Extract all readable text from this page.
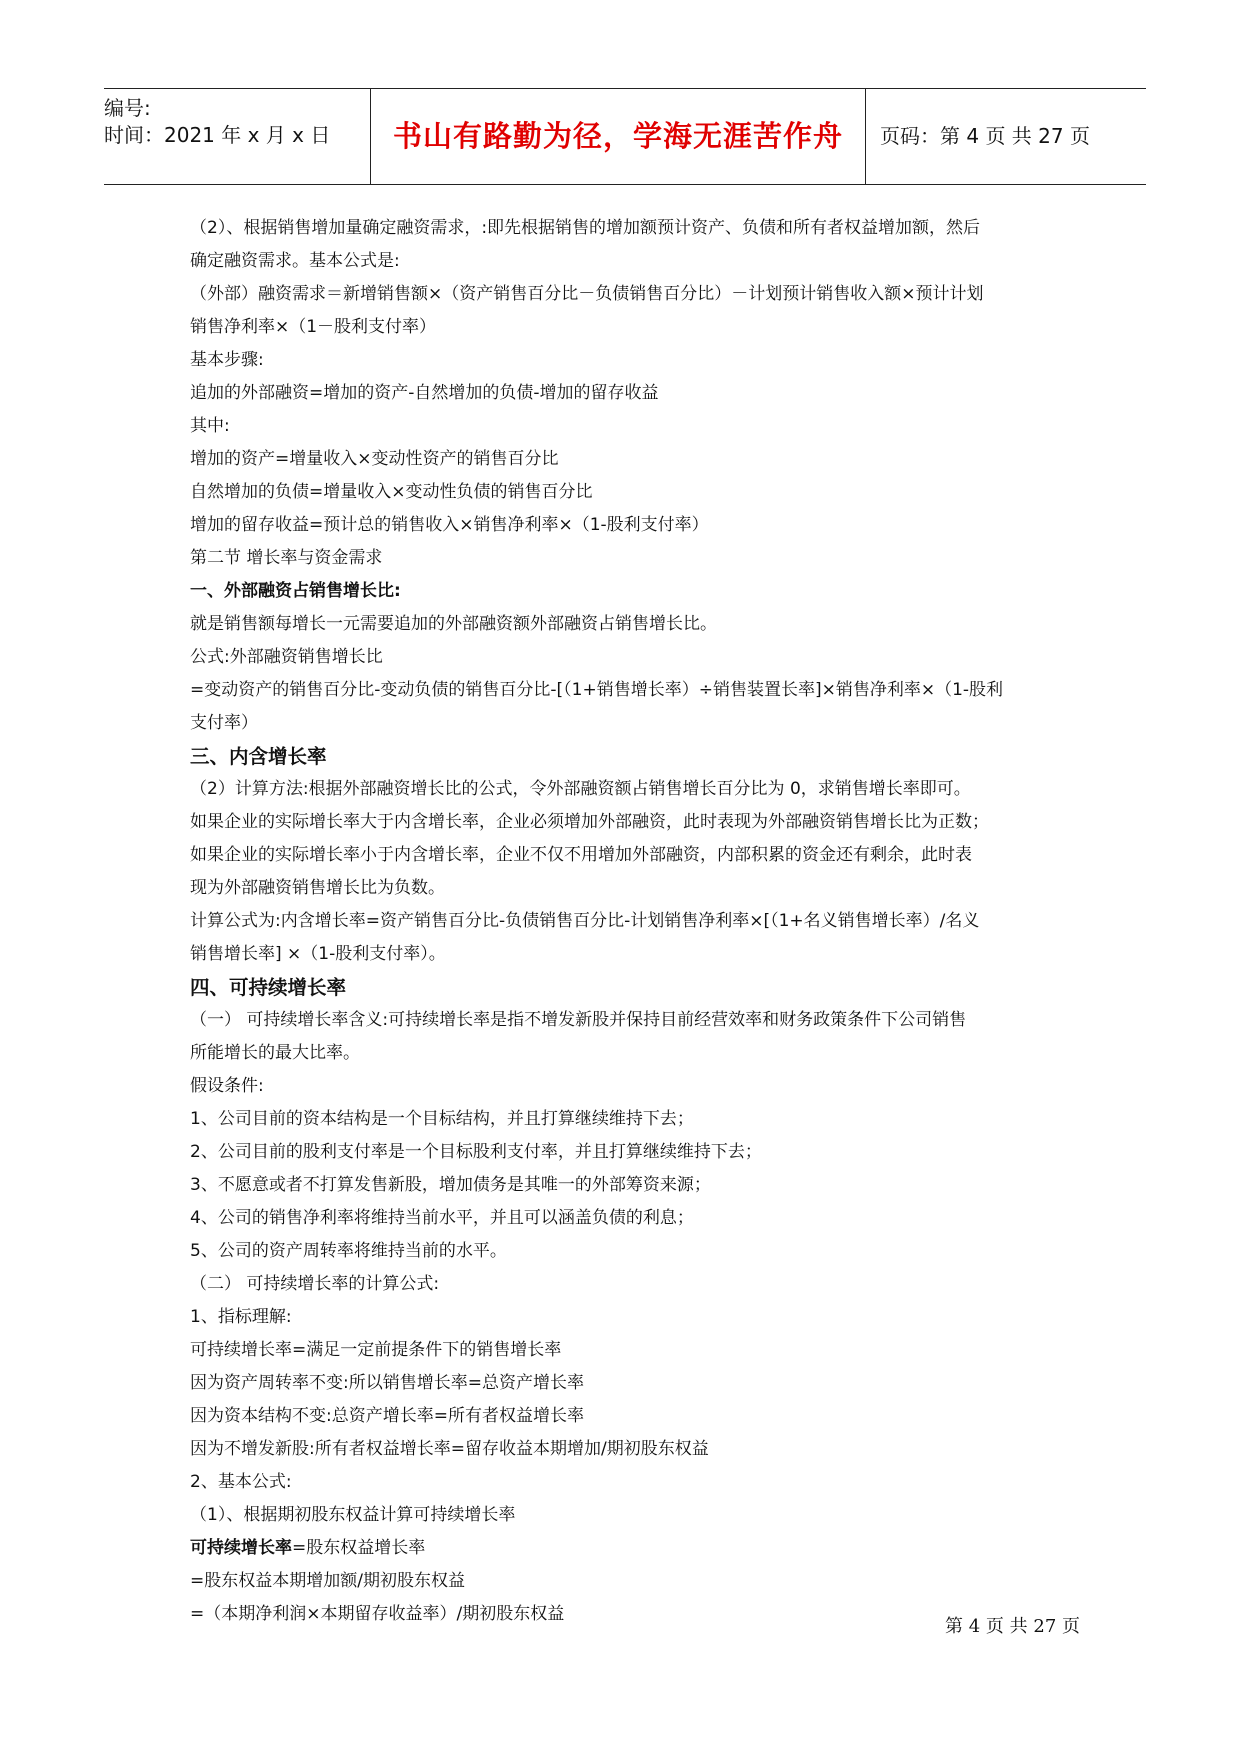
编号:
时间：2021 年 x 月 x 日	书山有路勤为径，学海无涯苦作舟	页码：第 4 页 共 27 页
（2）、根据销售增加量确定融资需求，:即先根据销售的增加额预计资产、负债和所有者权益增加额，然后
确定融资需求。基本公式是:
（外部）融资需求＝新增销售额×（资产销售百分比－负债销售百分比）－计划预计销售收入额×预计计划
销售净利率×（1－股利支付率）
基本步骤:
追加的外部融资=增加的资产-自然增加的负债-增加的留存收益
其中:
增加的资产=增量收入×变动性资产的销售百分比
自然增加的负债=增量收入×变动性负债的销售百分比
增加的留存收益=预计总的销售收入×销售净利率×（1-股利支付率）
第二节 增长率与资金需求
一、外部融资占销售增长比:
就是销售额每增长一元需要追加的外部融资额外部融资占销售增长比。
公式:外部融资销售增长比
=变动资产的销售百分比-变动负债的销售百分比-[（1+销售增长率）÷销售装置长率]×销售净利率×（1-股利
支付率）
三、内含增长率
（2）计算方法:根据外部融资增长比的公式，令外部融资额占销售增长百分比为 0，求销售增长率即可。
如果企业的实际增长率大于内含增长率，企业必须增加外部融资，此时表现为外部融资销售增长比为正数；
如果企业的实际增长率小于内含增长率，企业不仅不用增加外部融资，内部积累的资金还有剩余，此时表
现为外部融资销售增长比为负数。
计算公式为:内含增长率=资产销售百分比-负债销售百分比-计划销售净利率×[（1+名义销售增长率）/名义
销售增长率] ×（1-股利支付率）。
四、可持续增长率
（一） 可持续增长率含义:可持续增长率是指不增发新股并保持目前经营效率和财务政策条件下公司销售
所能增长的最大比率。
假设条件:
1、公司目前的资本结构是一个目标结构，并且打算继续维持下去；
2、公司目前的股利支付率是一个目标股利支付率，并且打算继续维持下去；
3、不愿意或者不打算发售新股，增加债务是其唯一的外部筹资来源；
4、公司的销售净利率将维持当前水平，并且可以涵盖负债的利息；
5、公司的资产周转率将维持当前的水平。
（二） 可持续增长率的计算公式:
1、指标理解:
可持续增长率=满足一定前提条件下的销售增长率
因为资产周转率不变:所以销售增长率=总资产增长率
因为资本结构不变:总资产增长率=所有者权益增长率
因为不增发新股:所有者权益增长率=留存收益本期增加/期初股东权益
2、基本公式:
（1）、根据期初股东权益计算可持续增长率
可持续增长率=股东权益增长率
=股东权益本期增加额/期初股东权益
=（本期净利润×本期留存收益率）/期初股东权益
第 4 页 共 27 页
